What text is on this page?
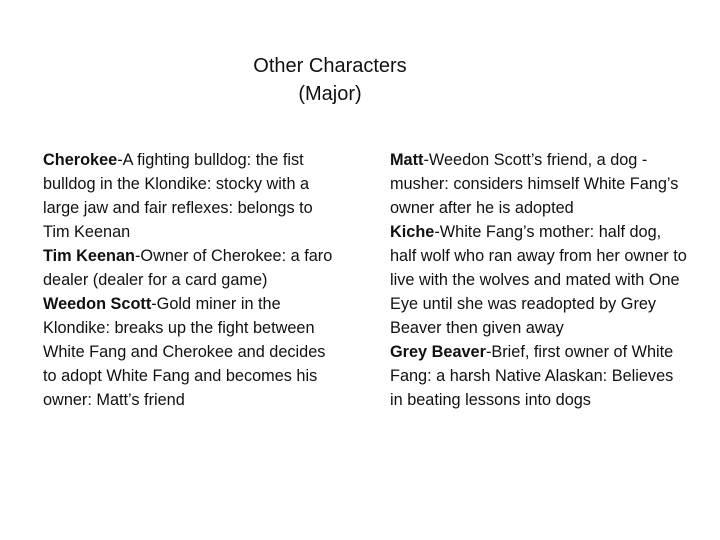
Other Characters
(Major)

Cherokee-A fighting bulldog: the fist bulldog in the Klondike: stocky with a large jaw and fair reflexes: belongs to Tim Keenan

Tim Keenan-Owner of Cherokee: a faro dealer (dealer for a card game)

Weedon Scott-Gold miner in the Klondike: breaks up the fight between White Fang and Cherokee and decides to adopt White Fang and becomes his owner: Matt’s friend

Matt-Weedon Scott’s friend, a dog -musher: considers himself White Fang’s owner after he is adopted

Kiche-White Fang’s mother: half dog, half wolf who ran away from her owner to live with the wolves and mated with One Eye until she was readopted by Grey Beaver then given away

Grey Beaver-Brief, first owner of White Fang: a harsh Native Alaskan: Believes in beating lessons into dogs
